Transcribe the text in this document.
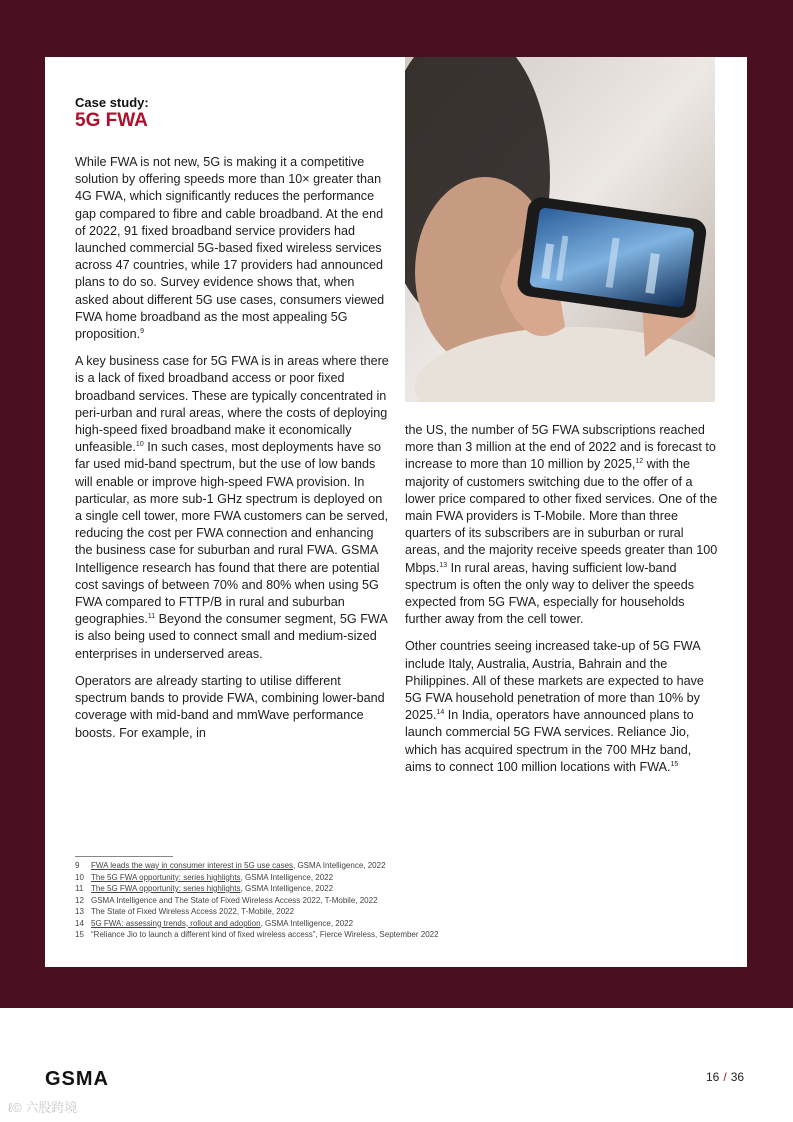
Case study:
5G FWA

While FWA is not new, 5G is making it a competitive solution by offering speeds more than 10× greater than 4G FWA, which significantly reduces the performance gap compared to fibre and cable broadband. At the end of 2022, 91 fixed broadband service providers had launched commercial 5G-based fixed wireless services across 47 countries, while 17 providers had announced plans to do so. Survey evidence shows that, when asked about different 5G use cases, consumers viewed FWA home broadband as the most appealing 5G proposition.$^9$

A key business case for 5G FWA is in areas where there is a lack of fixed broadband access or poor fixed broadband services. These are typically concentrated in peri-urban and rural areas, where the costs of deploying high-speed fixed broadband make it economically unfeasible.$^{10}$ In such cases, most deployments have so far used mid-band spectrum, but the use of low bands will enable or improve high-speed FWA provision. In particular, as more sub-1 GHz spectrum is deployed on a single cell tower, more FWA customers can be served, reducing the cost per FWA connection and enhancing the business case for suburban and rural FWA. GSMA Intelligence research has found that there are potential cost savings of between 70% and 80% when using 5G FWA compared to FTTP/B in rural and suburban geographies.$^{11}$ Beyond the consumer segment, 5G FWA is also being used to connect small and medium-sized enterprises in underserved areas.

Operators are already starting to utilise different spectrum bands to provide FWA, combining lower-band coverage with mid-band and mmWave performance boosts. For example, in

the US, the number of 5G FWA subscriptions reached more than 3 million at the end of 2022 and is forecast to increase to more than 10 million by 2025,12 with the majority of customers switching due to the offer of a lower price compared to other fixed services. One of the main FWA providers is T-Mobile. More than three quarters of its subscribers are in suburban or rural areas, and the majority receive speeds greater than 100 Mbps.$^{13}$ In rural areas, having sufficient low-band spectrum is often the only way to deliver the speeds expected from 5G FWA, especially for households further away from the cell tower.

Other countries seeing increased take-up of 5G FWA include Italy, Australia, Austria, Bahrain and the Philippines. All of these markets are expected to have 5G FWA household penetration of more than 10% by 2025.14 In India, operators have announced plans to launch commercial 5G FWA services. Reliance Jio, which has acquired spectrum in the 700 MHz band, aims to connect 100 million locations with FWA.$^{15}$

9	FWA leads the way in consumer interest in 5G use cases, GSMA Intelligence, 2022
10 The 5G FWA opportunity: series highlights, GSMA Intelligence, 2022
11 The 5G FWA opportunity: series highlights, GSMA Intelligence, 2022
12 GSMA Intelligence and The State of Fixed Wireless Access 2022, T-Mobile, 2022
13 The State of Fixed Wireless Access 2022, T-Mobile, 2022
14 5G FWA: assessing trends, rollout and adoption, GSMA Intelligence, 2022
15 “Reliance Jio to launch a different kind of fixed wireless access”, Fierce Wireless, September 2022
GSMA	16 / 36
ℓ© 六股跨境
